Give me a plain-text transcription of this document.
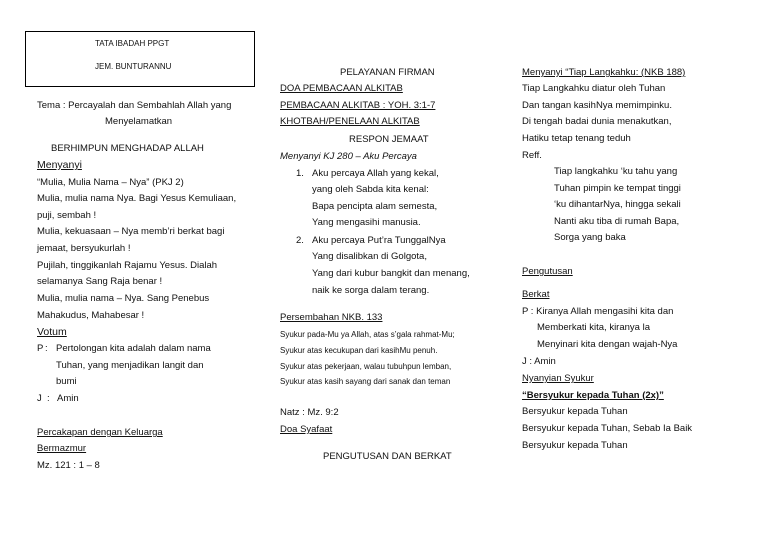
TATA IBADAH PPGT
JEM. BUNTURANNU
Tema : Percayalah dan Sembahlah Allah yang
Menyelamatkan
BERHIMPUN MENGHADAP ALLAH
Menyanyi
“Mulia, Mulia Nama – Nya” (PKJ 2)
Mulia, mulia nama Nya. Bagi Yesus Kemuliaan,
puji, sembah !
Mulia, kekuasaan – Nya memb’ri berkat bagi
jemaat, bersyukurlah !
Pujilah, tinggikanlah Rajamu Yesus. Dialah
selamanya Sang Raja benar !
Mulia, mulia nama – Nya. Sang Penebus
Mahakudus, Mahabesar !
Votum
P : Pertolongan kita adalah dalam nama
Tuhan, yang menjadikan langit dan
bumi
J : Amin
Percakapan dengan Keluarga
Bermazmur
Mz. 121 : 1 – 8
PELAYANAN FIRMAN
DOA PEMBACAAN ALKITAB
PEMBACAAN ALKITAB : YOH. 3:1-7
KHOTBAH/PENELAAN ALKITAB
RESPON JEMAAT
Menyanyi KJ 280 – Aku Percaya
1. Aku percaya Allah yang kekal,
yang oleh Sabda kita kenal:
Bapa pencipta alam semesta,
Yang mengasihi manusia.
2. Aku percaya Put’ra TunggalNya
Yang disalibkan di Golgota,
Yang dari kubur bangkit dan menang,
naik ke sorga dalam terang.
Persembahan NKB. 133
Syukur pada-Mu ya Allah, atas s’gala rahmat-Mu;
Syukur atas kecukupan dari kasihMu penuh.
Syukur atas pekerjaan, walau tubuhpun lemban,
Syukur atas kasih sayang dari sanak dan teman
Natz : Mz. 9:2
Doa Syafaat
PENGUTUSAN DAN BERKAT
Menyanyi “Tiap Langkahku: (NKB 188)
Tiap Langkahku diatur oleh Tuhan
Dan tangan kasihNya memimpinku.
Di tengah badai dunia menakutkan,
Hatiku tetap tenang teduh
Reff.
Tiap langkahku ‘ku tahu yang
Tuhan pimpin ke tempat tinggi
‘ku dihantarNya, hingga sekali
Nanti aku tiba di rumah Bapa,
Sorga yang baka
Pengutusan
Berkat
P : Kiranya Allah mengasihi kita dan
Memberkati kita, kiranya la
Menyinari kita dengan wajah-Nya
J : Amin
Nyanyian Syukur
“Bersyukur kepada Tuhan (2x)”
Bersyukur kepada Tuhan
Bersyukur kepada Tuhan, Sebab Ia Baik
Bersyukur kepada Tuhan
